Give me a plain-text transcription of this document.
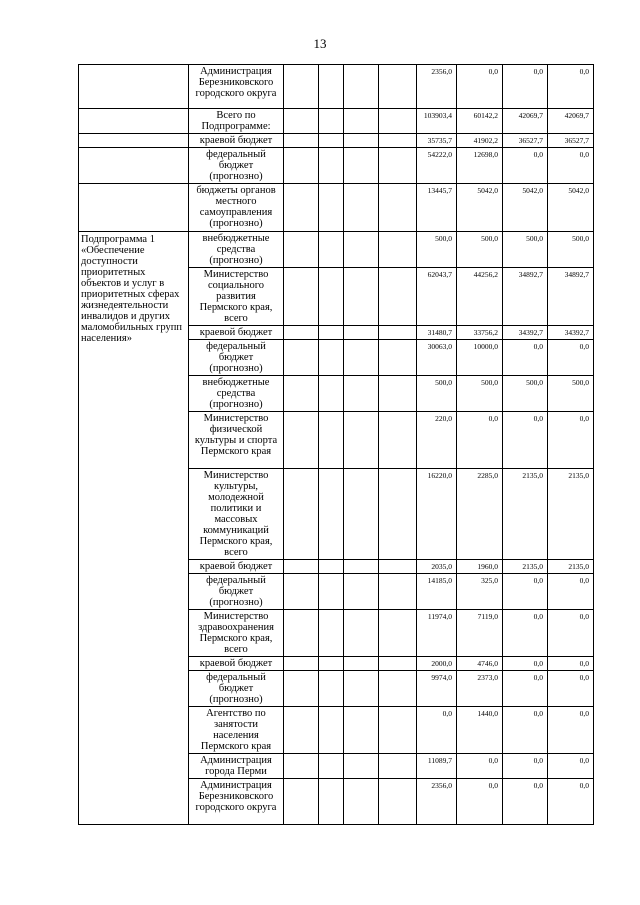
13
	Администрация Березниковского городского округа					2356,0	0,0	0,0	0,0
	Всего по Подпрограмме:					103903,4	60142,2	42069,7	42069,7
	краевой бюджет					35735,7	41902,2	36527,7	36527,7
	федеральный бюджет (прогнозно)					54222,0	12698,0	0,0	0,0
	бюджеты органов местного самоуправления (прогнозно)					13445,7	5042,0	5042,0	5042,0
Подпрограмма 1 «Обеспечение доступности приоритетных объектов и услуг в приоритетных сферах жизнедеятельности инвалидов и других маломобильных групп населения»	внебюджетные средства (прогнозно)					500,0	500,0	500,0	500,0
	Министерство социального развития Пермского края, всего					62043,7	44256,2	34892,7	34892,7
	краевой бюджет					31480,7	33756,2	34392,7	34392,7
	федеральный бюджет (прогнозно)					30063,0	10000,0	0,0	0,0
	внебюджетные средства (прогнозно)					500,0	500,0	500,0	500,0
	Министерство физической культуры и спорта Пермского края					220,0	0,0	0,0	0,0
	Министерство культуры, молодежной политики и массовых коммуникаций Пермского края, всего					16220,0	2285,0	2135,0	2135,0
	краевой бюджет					2035,0	1960,0	2135,0	2135,0
	федеральный бюджет (прогнозно)					14185,0	325,0	0,0	0,0
	Министерство здравоохранения Пермского края, всего					11974,0	7119,0	0,0	0,0
	краевой бюджет					2000,0	4746,0	0,0	0,0
	федеральный бюджет (прогнозно)					9974,0	2373,0	0,0	0,0
	Агентство по занятости населения Пермского края					0,0	1440,0	0,0	0,0
	Администрация города Перми					11089,7	0,0	0,0	0,0
	Администрация Березниковского городского округа					2356,0	0,0	0,0	0,0
